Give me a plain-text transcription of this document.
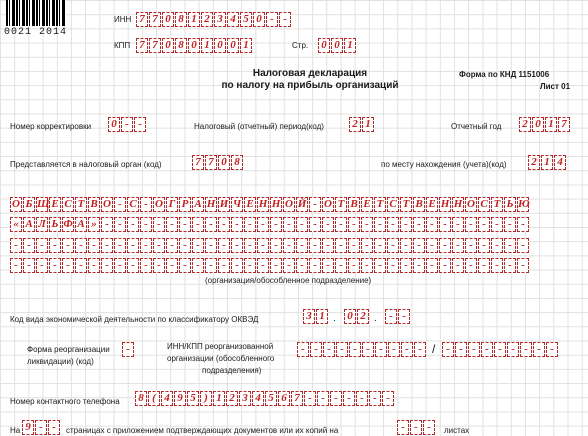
0021 2014
ИНН 7 7 0 8 1 2 3 4 5 0 - -
КПП 7 7 0 8 0 1 0 0 1	Стр. 0 0 1
Налоговая декларация
по налогу на прибыль организаций
Форма по КНД 1151006
Лист 01
Номер корректировки 0 - -	Налоговый (отчетный) период(код)	2 1	Отчетный год 2 0 1 7
Представляется в налоговый орган (код)	7 7 0 8	по месту нахождения (учета)(код) 2 1 4
О Б Щ Е С Т В О - С - О Г Р А Н И Ч Е Н Н О Й - О Т В Е Т С Т В Е Н Н О С Т Ь Ю
« А Л Ь Ф А » - - - - - - - - - - - - - - - - - - - - - - - - - - - - - - - - -
- - - - - - - - - - - - - - - - - - - - - - - - - - - - - - - - - - - - - - - -
- - - - - - - - - - - - - - - - - - - - - - - - - - - - - - - - - - - - - - - -
(организация/обособленное подразделение)
Код вида экономической деятельности по классификатору ОКВЭД	3 1 . 0 2 .	- -
Форма реорганизации
ликвидации) (код)
-	ИНН/КПП реорганизованной
организации (обособленного
подразделения)
- - - - - - - - - - / - - - - - - - - -
Номер контактного телефона 8 ( 4 9 5 ) 1 2 3 4 5 6 7 - - - - - - -
На 9 - -	страницах с приложением подтверждающих документов или их копий на	- - -	листах
